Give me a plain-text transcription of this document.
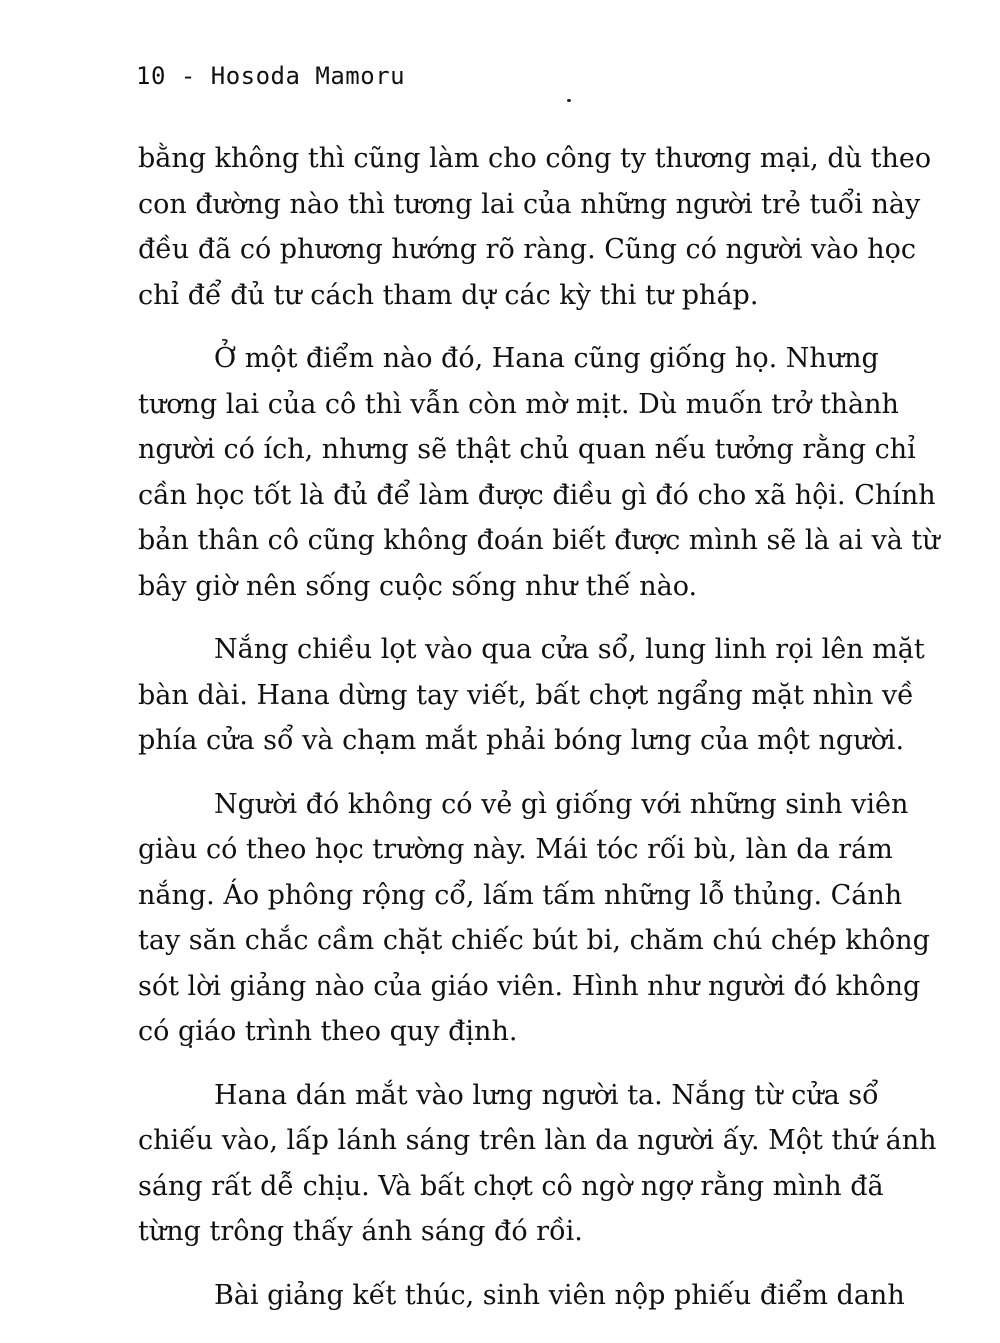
10 - Hosoda Mamoru
bằng không thì cũng làm cho công ty thương mại, dù theo
con đường nào thì tương lai của những người trẻ tuổi này
đều đã có phương hướng rõ ràng. Cũng có người vào học
chỉ để đủ tư cách tham dự các kỳ thi tư pháp.
Ở một điểm nào đó, Hana cũng giống họ. Nhưng
tương lai của cô thì vẫn còn mờ mịt. Dù muốn trở thành
người có ích, nhưng sẽ thật chủ quan nếu tưởng rằng chỉ
cần học tốt là đủ để làm được điều gì đó cho xã hội. Chính
bản thân cô cũng không đoán biết được mình sẽ là ai và từ
bây giờ nên sống cuộc sống như thế nào.
Nắng chiều lọt vào qua cửa sổ, lung linh rọi lên mặt
bàn dài. Hana dừng tay viết, bất chợt ngẩng mặt nhìn về
phía cửa sổ và chạm mắt phải bóng lưng của một người.
Người đó không có vẻ gì giống với những sinh viên
giàu có theo học trường này. Mái tóc rối bù, làn da rám
nắng. Áo phông rộng cổ, lấm tấm những lỗ thủng. Cánh
tay săn chắc cầm chặt chiếc bút bi, chăm chú chép không
sót lời giảng nào của giáo viên. Hình như người đó không
có giáo trình theo quy định.
Hana dán mắt vào lưng người ta. Nắng từ cửa sổ
chiếu vào, lấp lánh sáng trên làn da người ấy. Một thứ ánh
sáng rất dễ chịu. Và bất chợt cô ngờ ngợ rằng mình đã
từng trông thấy ánh sáng đó rồi.
Bài giảng kết thúc, sinh viên nộp phiếu điểm danh
